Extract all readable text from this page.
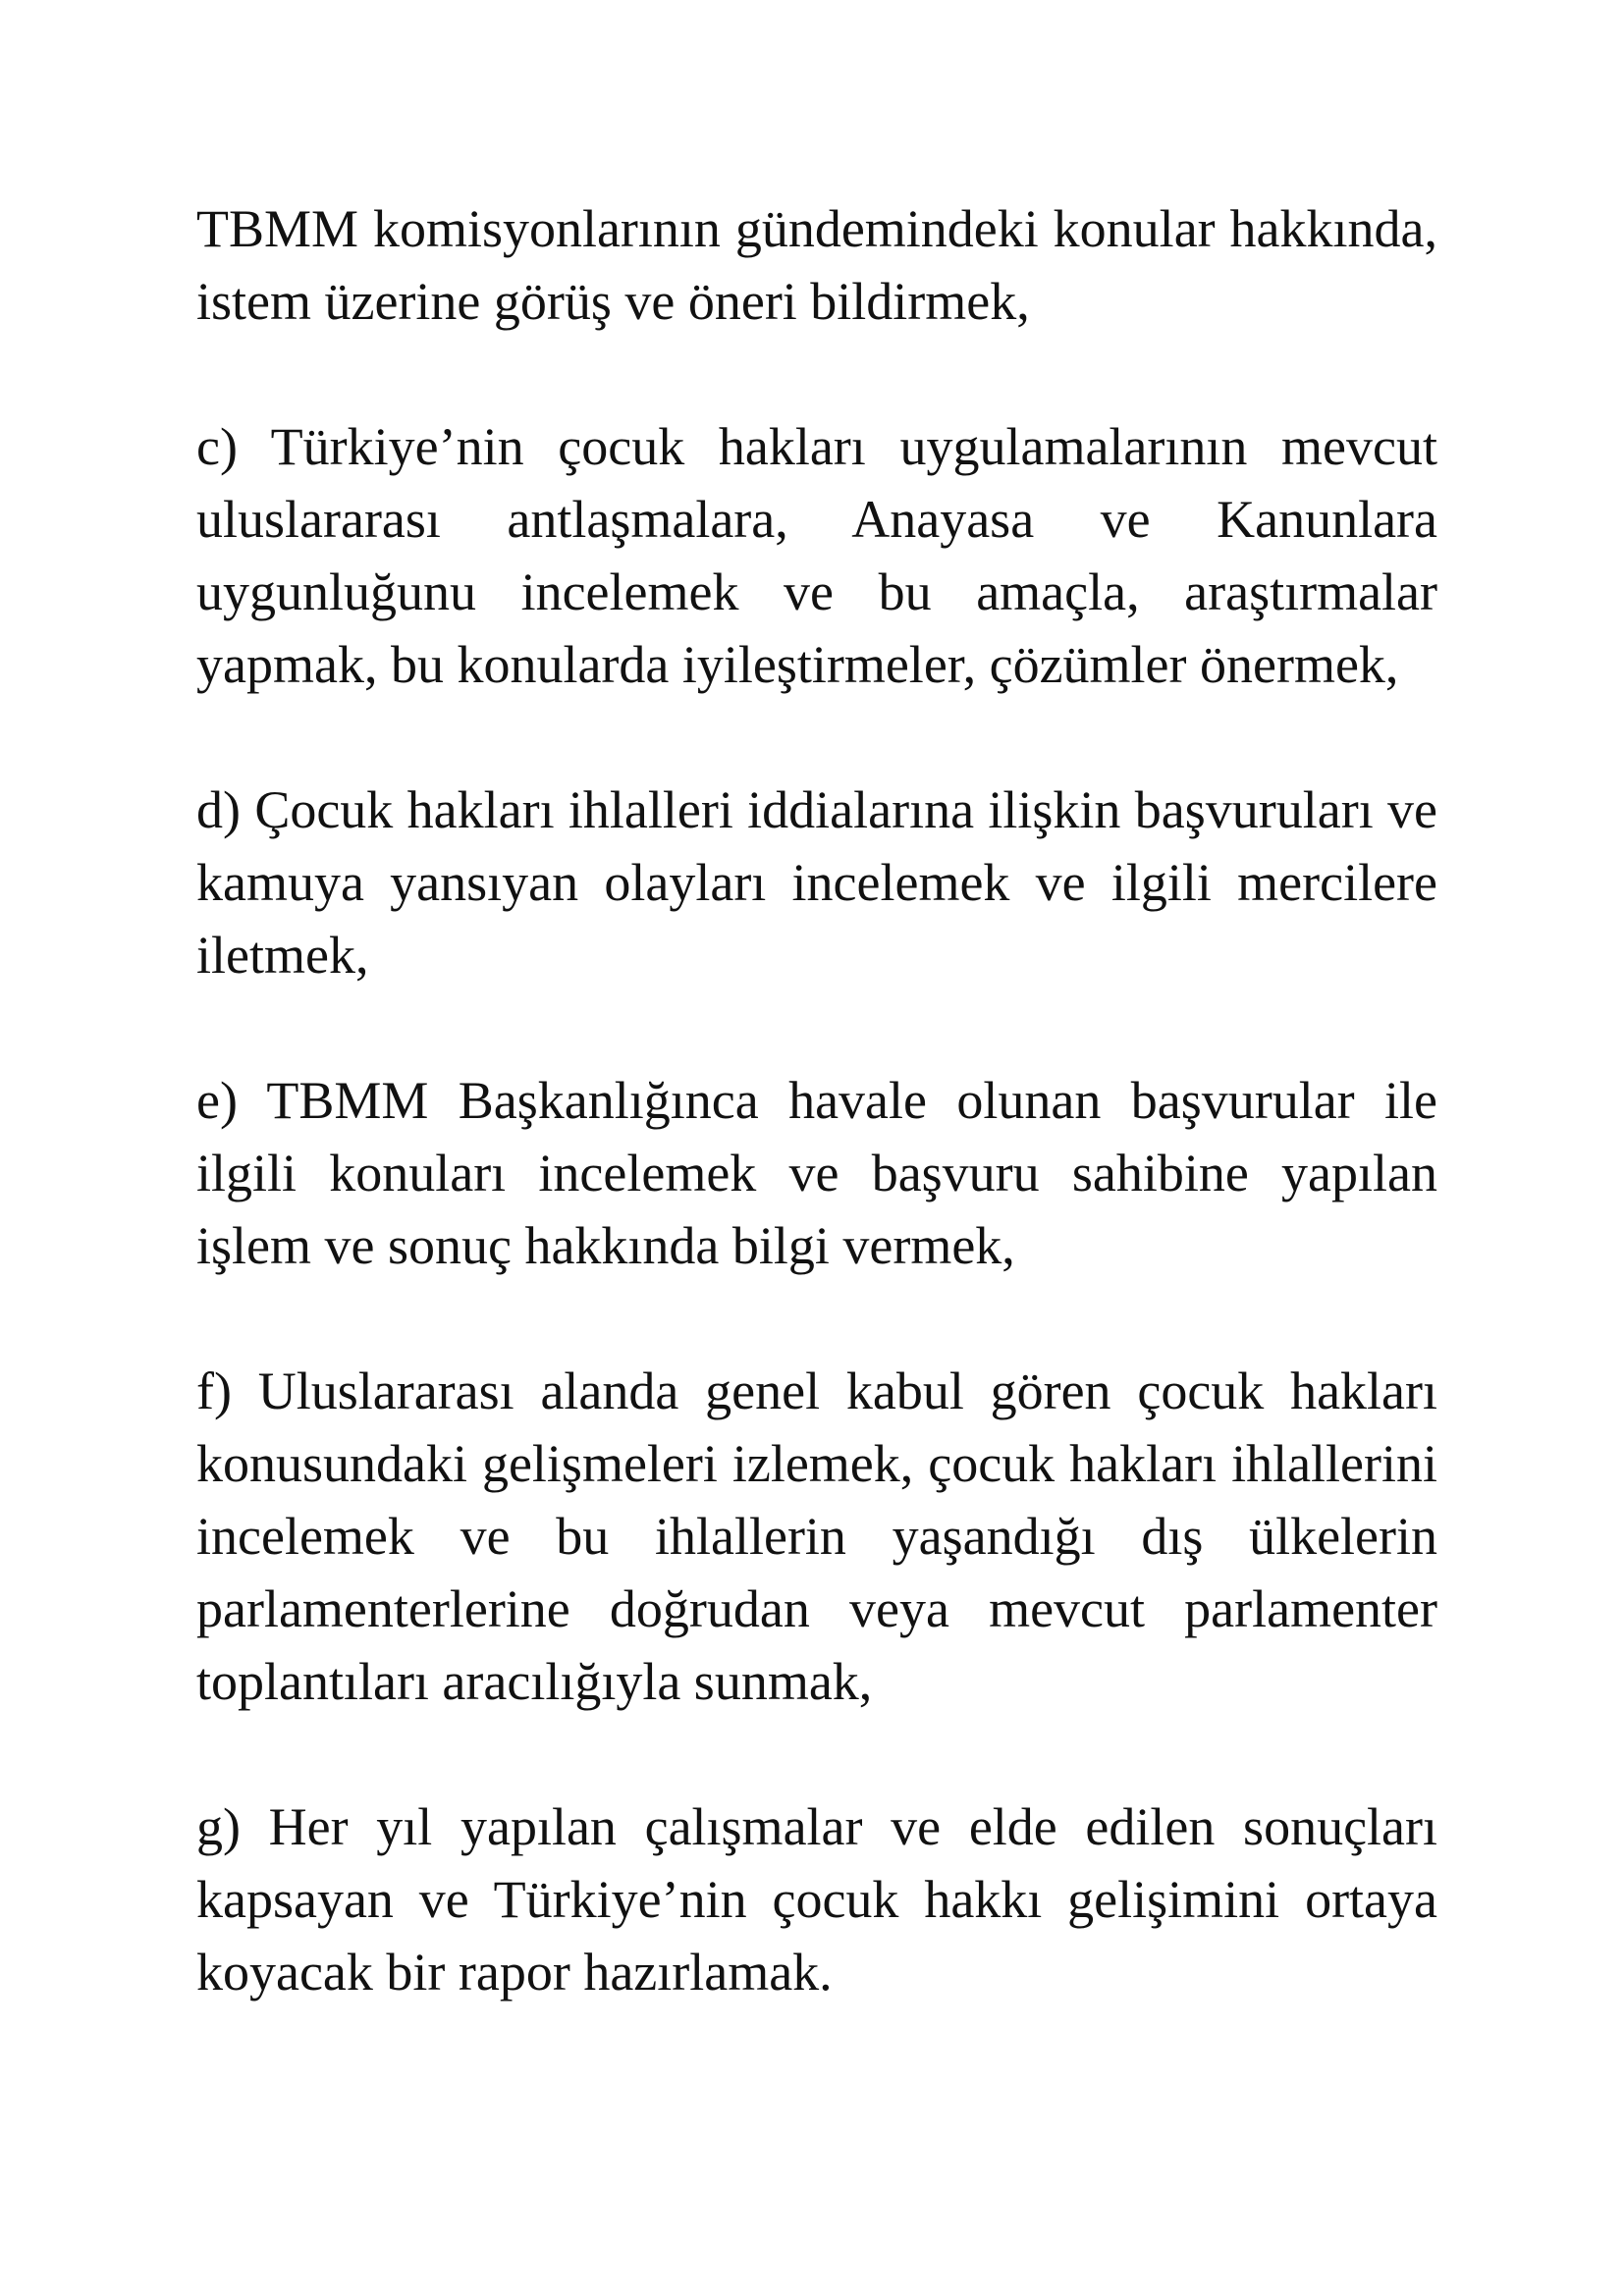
TBMM komisyonlarının gündemindeki konular hakkında, istem üzerine görüş ve öneri bildirmek,

c) Türkiye’nin çocuk hakları uygulamalarının mevcut uluslararası antlaşmalara, Anayasa ve Kanunlara uygunluğunu incelemek ve bu amaçla, araştırmalar yapmak, bu konularda iyileştirmeler, çözümler önermek,

d) Çocuk hakları ihlalleri iddialarına ilişkin başvuruları ve kamuya yansıyan olayları incelemek ve ilgili mercilere iletmek,

e) TBMM Başkanlığınca havale olunan başvurular ile ilgili konuları incelemek ve başvuru sahibine yapılan işlem ve sonuç hakkında bilgi vermek,

f) Uluslararası alanda genel kabul gören çocuk hakları konusundaki gelişmeleri izlemek, çocuk hakları ihlallerini incelemek ve bu ihlallerin yaşandığı dış ülkelerin parlamenterlerine doğrudan veya mevcut parlamenter toplantıları aracılığıyla sunmak,

g) Her yıl yapılan çalışmalar ve elde edilen sonuçları kapsayan ve Türkiye’nin çocuk hakkı gelişimini ortaya koyacak bir rapor hazırlamak.
